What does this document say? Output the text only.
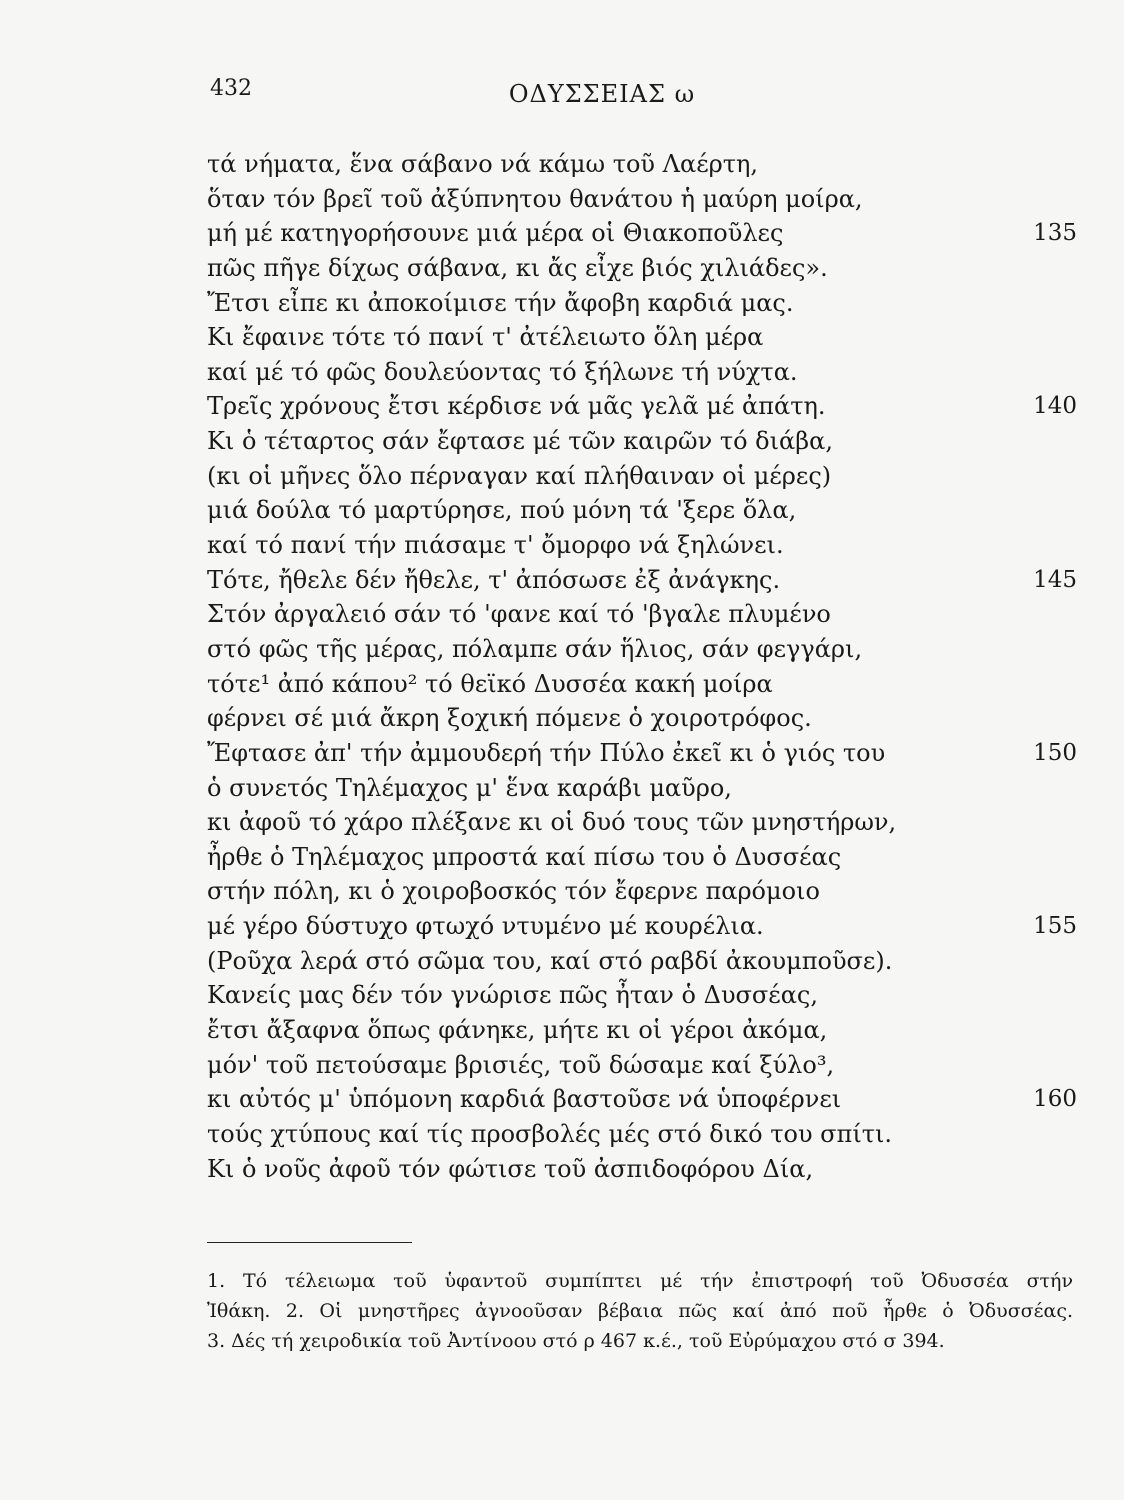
432	ΟΔΥΣΣΕΙΑΣ ω
τά νήματα, ἕνα σάβανο νά κάμω τοῦ Λαέρτη,
ὅταν τόν βρεῖ τοῦ ἀξύπνητου θανάτου ἡ μαύρη μοίρα,
μή μέ κατηγορήσουνε μιά μέρα οἱ Θιακοποῦλες	135
πῶς πῆγε δίχως σάβανα, κι ἄς εἶχε βιός χιλιάδες».
Ἔτσι εἶπε κι ἀποκοίμισε τήν ἄφοβη καρδιά μας.
Κι ἔφαινε τότε τό πανί τ' ἀτέλειωτο ὅλη μέρα
καί μέ τό φῶς δουλεύοντας τό ξήλωνε τή νύχτα.
Τρεῖς χρόνους ἔτσι κέρδισε νά μᾶς γελᾶ μέ ἀπάτη.	140
Κι ὁ τέταρτος σάν ἔφτασε μέ τῶν καιρῶν τό διάβα,
(κι οἱ μῆνες ὅλο πέρναγαν καί πλήθαιναν οἱ μέρες)
μιά δούλα τό μαρτύρησε, πού μόνη τά 'ξερε ὅλα,
καί τό πανί τήν πιάσαμε τ' ὄμορφο νά ξηλώνει.
Τότε, ἤθελε δέν ἤθελε, τ' ἀπόσωσε ἐξ ἀνάγκης.	145
Στόν ἀργαλειό σάν τό 'φανε καί τό 'βγαλε πλυμένο
στό φῶς τῆς μέρας, πόλαμπε σάν ἥλιος, σάν φεγγάρι,
τότε¹ ἀπό κάπου² τό θεϊκό Δυσσέα κακή μοίρα
φέρνει σέ μιά ἄκρη ξοχική πόμενε ὁ χοιροτρόφος.
Ἔφτασε ἀπ' τήν ἀμμουδερή τήν Πύλο ἐκεῖ κι ὁ γιός του	150
ὁ συνετός Τηλέμαχος μ' ἕνα καράβι μαῦρο,
κι ἀφοῦ τό χάρο πλέξανε κι οἱ δυό τους τῶν μνηστήρων,
ἦρθε ὁ Τηλέμαχος μπροστά καί πίσω του ὁ Δυσσέας
στήν πόλη, κι ὁ χοιροβοσκός τόν ἔφερνε παρόμοιο
μέ γέρο δύστυχο φτωχό ντυμένο μέ κουρέλια.	155
(Ροῦχα λερά στό σῶμα του, καί στό ραβδί ἀκουμποῦσε).
Κανείς μας δέν τόν γνώρισε πῶς ἦταν ὁ Δυσσέας,
ἔτσι ἄξαφνα ὅπως φάνηκε, μήτε κι οἱ γέροι ἀκόμα,
μόν' τοῦ πετούσαμε βρισιές, τοῦ δώσαμε καί ξύλο³,
κι αὐτός μ' ὑπόμονη καρδιά βαστοῦσε νά ὑποφέρνει	160
τούς χτύπους καί τίς προσβολές μές στό δικό του σπίτι.
Κι ὁ νοῦς ἀφοῦ τόν φώτισε τοῦ ἀσπιδοφόρου Δία,
1. Τό τέλειωμα τοῦ ὑφαντοῦ συμπίπτει μέ τήν ἐπιστροφή τοῦ Ὀδυσσέα στήν
Ἰθάκη. 2. Οἱ μνηστῆρες ἀγνοοῦσαν βέβαια πῶς καί ἀπό ποῦ ἦρθε ὁ Ὀδυσσέας.
3. Δές τή χειροδικία τοῦ Ἀντίνοου στό ρ 467 κ.έ., τοῦ Εὐρύμαχου στό σ 394.
